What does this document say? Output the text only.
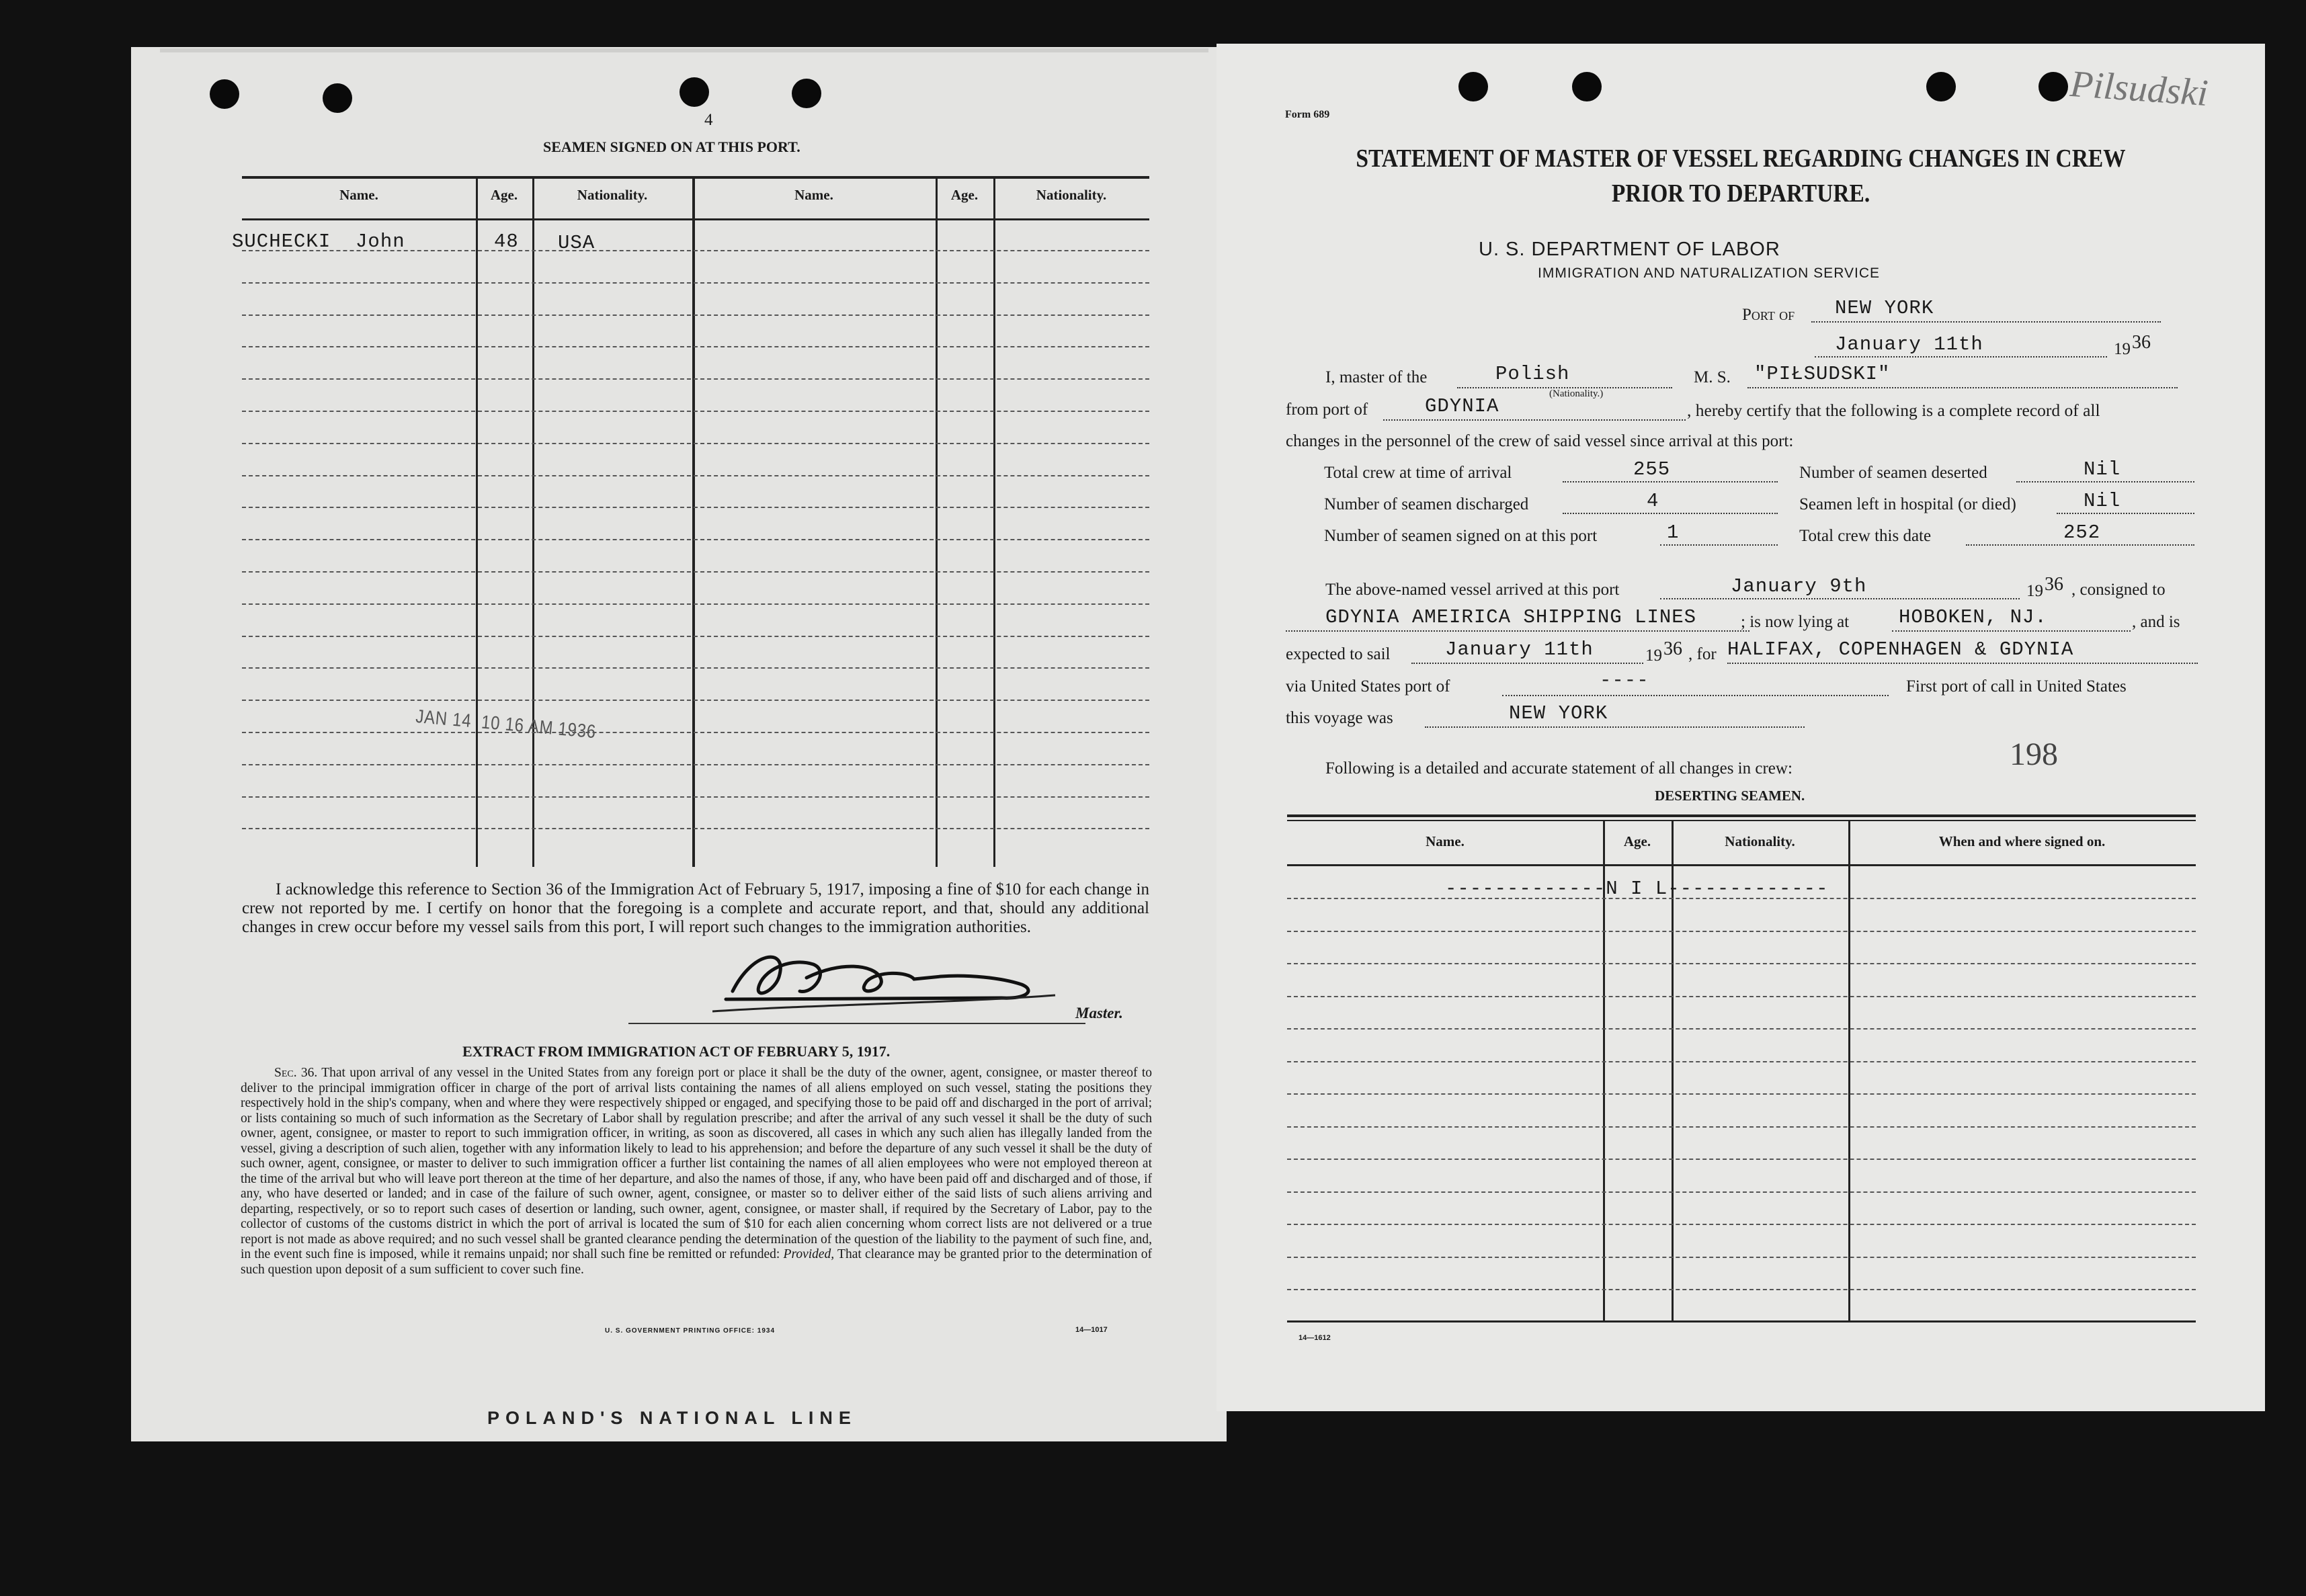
4
SEAMEN SIGNED ON AT THIS PORT.
Name.	Age.	Nationality.	Name.	Age.	Nationality.
SUCHECKI  John	48 USA
JAN 14  10 16 AM 1936
I acknowledge this reference to Section 36 of the Immigration Act of February 5, 1917, imposing a fine of $10 for each change in crew not reported by me. I certify on honor that the foregoing is a complete and accurate report, and that, should any additional changes in crew occur before my vessel sails from this port, I will report such changes to the immigration authorities.
Master.
EXTRACT FROM IMMIGRATION ACT OF FEBRUARY 5, 1917.
Sec. 36. That upon arrival of any vessel in the United States from any foreign port or place it shall be the duty of the owner, agent, consignee, or master thereof to deliver to the principal immigration officer in charge of the port of arrival lists containing the names of all aliens employed on such vessel, stating the positions they respectively hold in the ship's company, when and where they were respectively shipped or engaged, and specifying those to be paid off and discharged in the port of arrival; or lists containing so much of such information as the Secretary of Labor shall by regulation prescribe; and after the arrival of any such vessel it shall be the duty of such owner, agent, consignee, or master to report to such immigration officer, in writing, as soon as discovered, all cases in which any such alien has illegally landed from the vessel, giving a description of such alien, together with any information likely to lead to his apprehension; and before the departure of any such vessel it shall be the duty of such owner, agent, consignee, or master to deliver to such immigration officer a further list containing the names of all alien employees who were not employed thereon at the time of the arrival but who will leave port thereon at the time of her departure, and also the names of those, if any, who have been paid off and discharged and of those, if any, who have deserted or landed; and in case of the failure of such owner, agent, consignee, or master so to deliver either of the said lists of such aliens arriving and departing, respectively, or so to report such cases of desertion or landing, such owner, agent, consignee, or master shall, if required by the Secretary of Labor, pay to the collector of customs of the customs district in which the port of arrival is located the sum of $10 for each alien concerning whom correct lists are not delivered or a true report is not made as above required; and no such vessel shall be granted clearance pending the determination of the question of the liability to the payment of such fine, and, in the event such fine is imposed, while it remains unpaid; nor shall such fine be remitted or refunded: Provided, That clearance may be granted prior to the determination of such question upon deposit of a sum sufficient to cover such fine.
U. S. GOVERNMENT PRINTING OFFICE: 1934	14—1017
POLAND'S NATIONAL LINE
Pilsudski
Form 689
STATEMENT OF MASTER OF VESSEL REGARDING CHANGES IN CREW
PRIOR TO DEPARTURE.
U. S. DEPARTMENT OF LABOR
IMMIGRATION AND NATURALIZATION SERVICE
Port of NEW YORK
January 11th	19 36
I, master of the	Polish
(Nationality.)
M. S. "PIŁSUDSKI"
from port of	GDYNIA	, hereby certify that the following is a complete record of all
changes in the personnel of the crew of said vessel since arrival at this port:
Total crew at time of arrival	255	Number of seamen deserted	Nil
Number of seamen discharged	4	Seamen left in hospital (or died)	Nil
Number of seamen signed on at this port	1	Total crew this date	252
The above-named vessel arrived at this port	January 9th	19 36 , consigned to
GDYNIA AMEIRICA SHIPPING LINES	; is now lying at	HOBOKEN, NJ.	, and is
expected to sail	January 11th	19 36 , for HALIFAX, COPENHAGEN & GDYNIA
via United States port of	----	First port of call in United States
this voyage was	NEW YORK
Following is a detailed and accurate statement of all changes in crew:	198
DESERTING SEAMEN.
Name.	Age.	Nationality.	When and where signed on.
-------------N I L-------------
14—1612
